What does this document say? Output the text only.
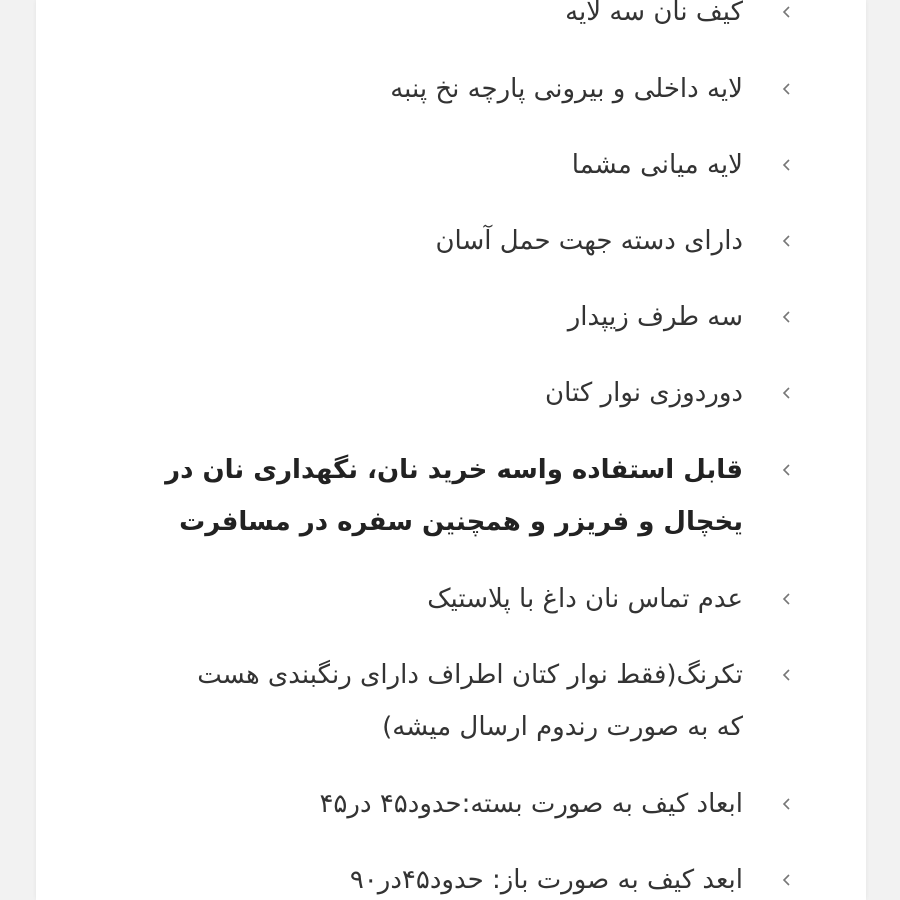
کیف نان سه لایه
لایه داخلی و بیرونی پارچه نخ پنبه
لایه میانی مشما
دارای دسته جهت حمل آسان
سه طرف زیپدار
دوردوزی نوار کتان
قابل استفاده واسه خرید نان، نگهداری نان در یخچال و فریزر و همچنین سفره در مسافرت
عدم تماس نان داغ با پلاستیک
تکرنگ(فقط نوار کتان اطراف دارای رنگبندی هست که به صورت رندوم ارسال میشه)
ابعاد کیف به صورت بسته:حدود۴۵ در۴۵
ابعد کیف به صورت باز: حدود۴۵در۹۰
